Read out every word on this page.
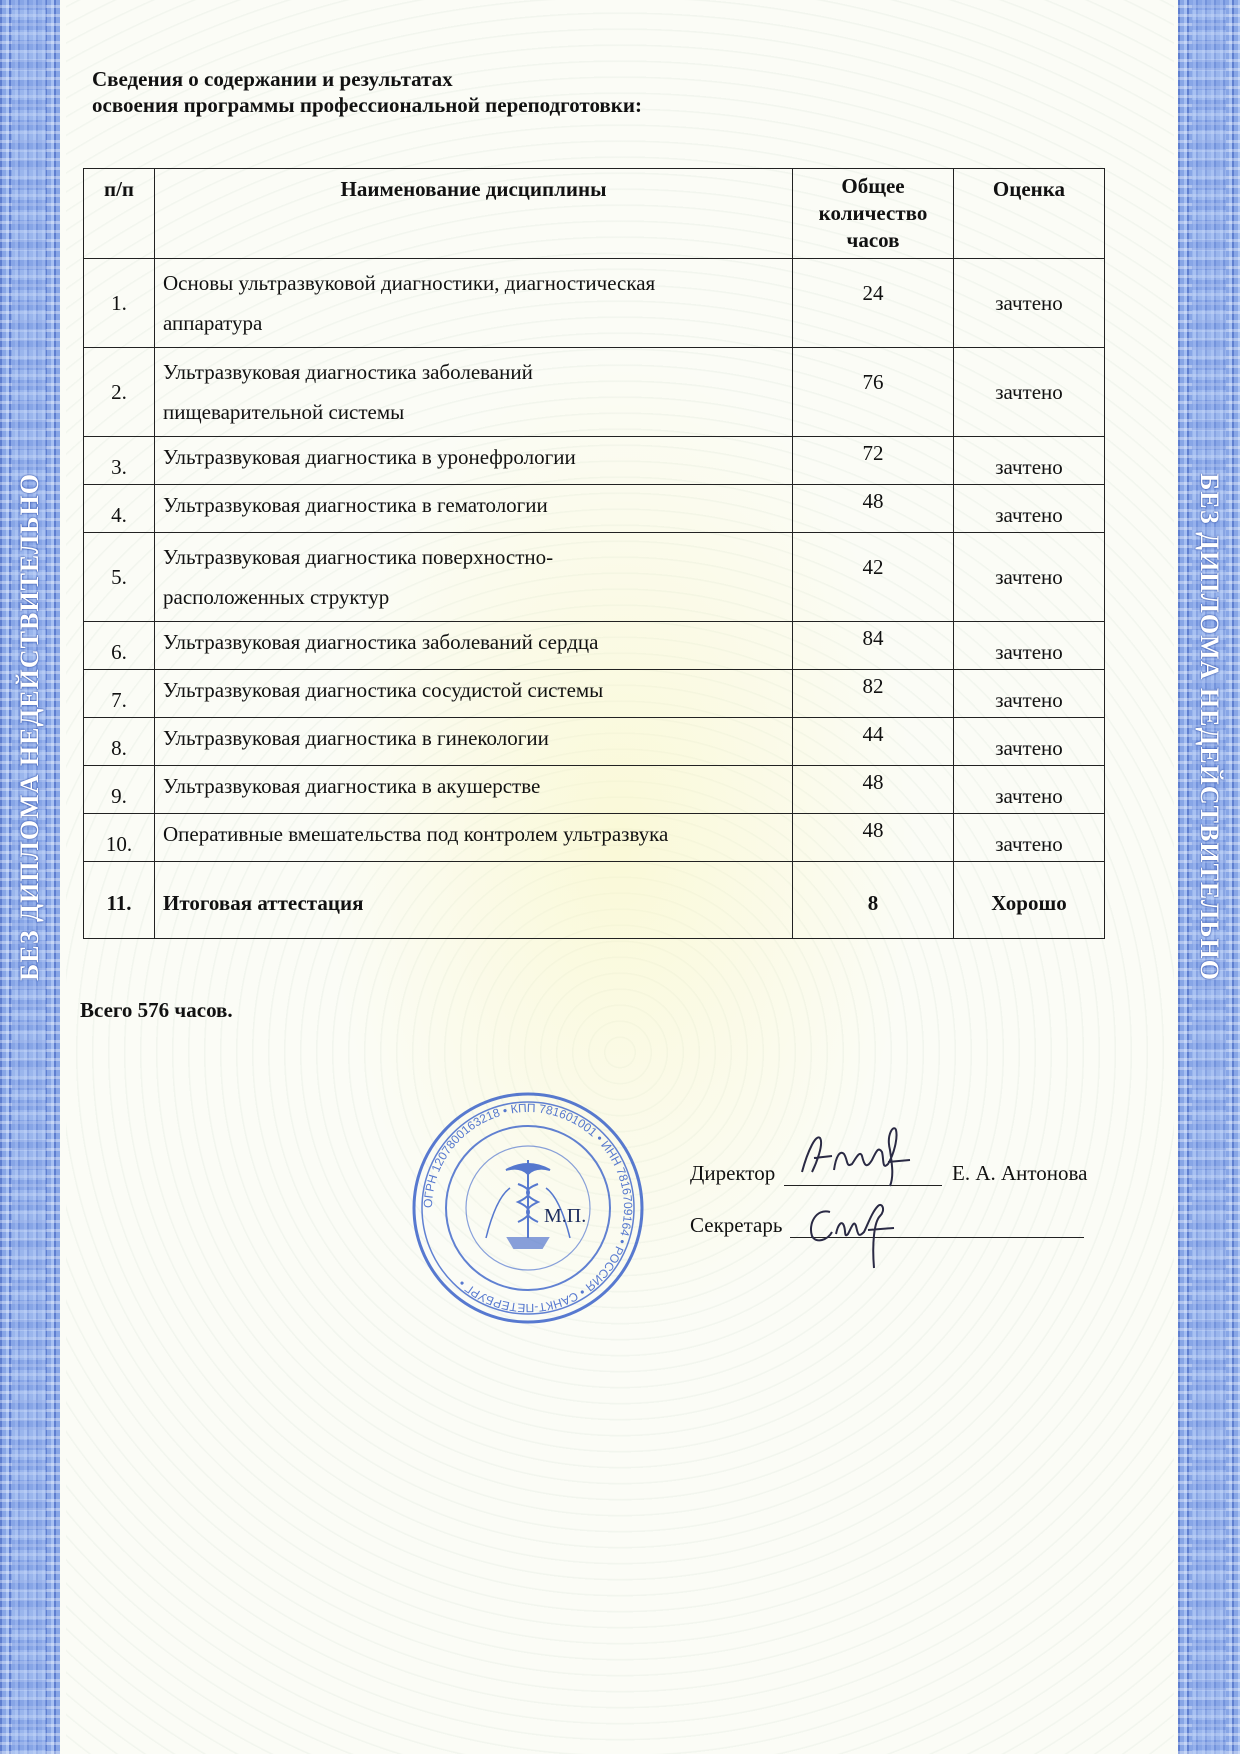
БЕЗ ДИПЛОМА НЕДЕЙСТВИТЕЛЬНО	БЕЗ ДИПЛОМА НЕДЕЙСТВИТЕЛЬНО
Сведения о содержании и результатах
освоения программы профессиональной переподготовки:
п/п	Наименование дисциплины	Общее
количество
часов	Оценка
1.	Основы ультразвуковой диагностики, диагностическая
аппаратура	24	зачтено
2.	Ультразвуковая диагностика заболеваний
пищеварительной системы	76	зачтено
3.	Ультразвуковая диагностика в уронефрологии	72	зачтено
4.	Ультразвуковая диагностика в гематологии	48	зачтено
5.	Ультразвуковая диагностика поверхностно-
расположенных структур	42	зачтено
6.	Ультразвуковая диагностика заболеваний сердца	84	зачтено
7.	Ультразвуковая диагностика сосудистой системы	82	зачтено
8.	Ультразвуковая диагностика в гинекологии	44	зачтено
9.	Ультразвуковая диагностика в акушерстве	48	зачтено
10.	Оперативные вмешательства под контролем ультразвука	48	зачтено
11.	Итоговая аттестация	8	Хорошо
Всего 576 часов.
ОГРН 1207800163218 • КПП 781601001 • ИНН 7816709164 • РОССИЯ • САНКТ-ПЕТЕРБУРГ •
М.П.
Директор	Е. А. Антонова
Секретарь
